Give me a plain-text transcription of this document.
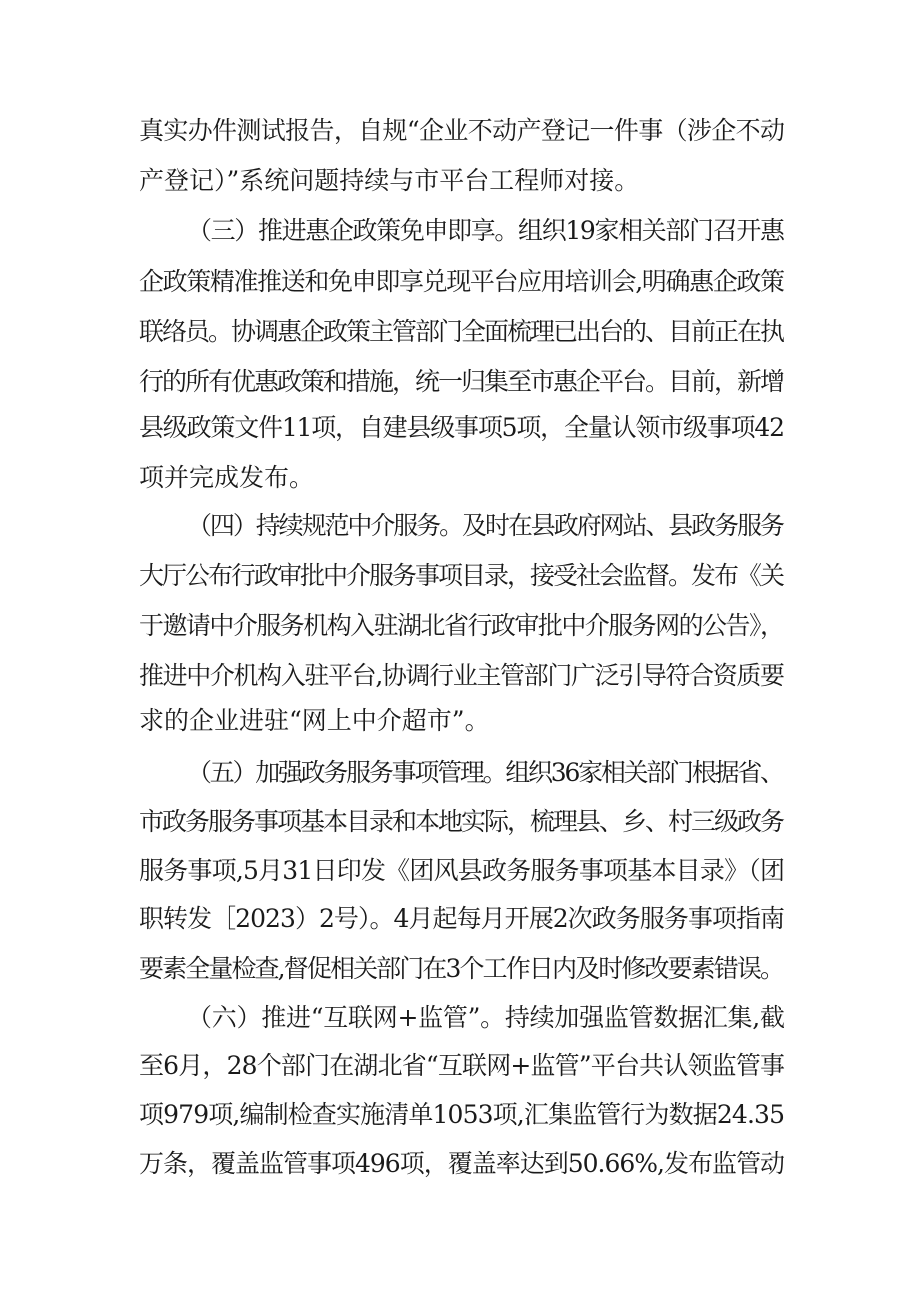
真实办件测试报告，自规“企业不动产登记一件事（涉企不动
产登记）”系统问题持续与市平台工程师对接。
（三）推进惠企政策免申即享。组织19家相关部门召开惠
企政策精准推送和免申即享兑现平台应用培训会,明确惠企政策
联络员。协调惠企政策主管部门全面梳理已出台的、目前正在执
行的所有优惠政策和措施，统一归集至市惠企平台。目前，新增
县级政策文件11项，自建县级事项5项，全量认领市级事项42
项并完成发布。
（四）持续规范中介服务。及时在县政府网站、县政务服务
大厅公布行政审批中介服务事项目录，接受社会监督。发布《关
于邀请中介服务机构入驻湖北省行政审批中介服务网的公告》，
推进中介机构入驻平台,协调行业主管部门广泛引导符合资质要
求的企业进驻“网上中介超市”。
（五）加强政务服务事项管理。组织36家相关部门根据省、
市政务服务事项基本目录和本地实际，梳理县、乡、村三级政务
服务事项,5月31日印发《团风县政务服务事项基本目录》（团
职转发［2023）2号）。4月起每月开展2次政务服务事项指南
要素全量检查,督促相关部门在3个工作日内及时修改要素错误。
（六）推进“互联网+监管”。持续加强监管数据汇集,截
至6月，28个部门在湖北省“互联网+监管”平台共认领监管事
项979项,编制检查实施清单1053项,汇集监管行为数据24.35
万条，覆盖监管事项496项，覆盖率达到50.66%,发布监管动
